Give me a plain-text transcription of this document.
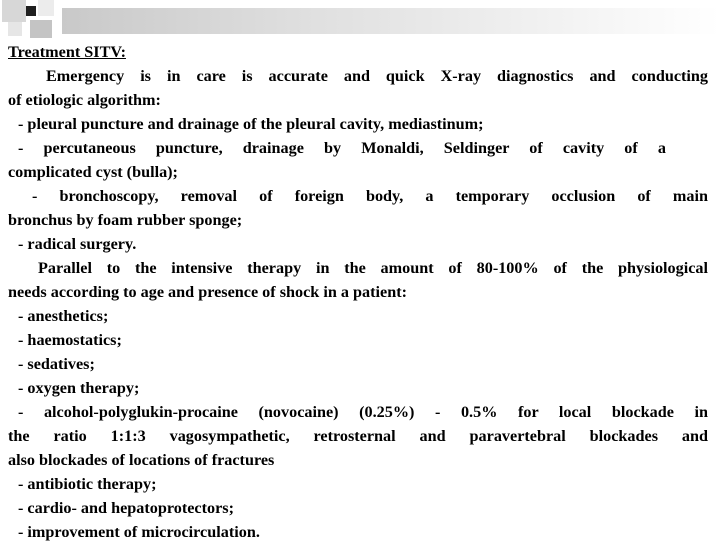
Treatment SITV:
Emergency is in care is accurate and quick X-ray diagnostics and conducting
of etiologic algorithm:
- pleural puncture and drainage of the pleural cavity, mediastinum;
- percutaneous puncture, drainage by Monaldi, Seldinger of cavity of a
complicated cyst (bulla);
- bronchoscopy, removal of foreign body, a temporary occlusion of main
bronchus by foam rubber sponge;
- radical surgery.
Parallel to the intensive therapy in the amount of 80-100% of the physiological
needs according to age and presence of shock in a patient:
- anesthetics;
- haemostatics;
- sedatives;
- oxygen therapy;
- alcohol-polyglukin-procaine (novocaine) (0.25%) - 0.5% for local blockade in
the ratio 1:1:3 vagosympathetic, retrosternal and paravertebral blockades and
also blockades of locations of fractures
- antibiotic therapy;
- cardio- and hepatoprotectors;
- improvement of microcirculation.
